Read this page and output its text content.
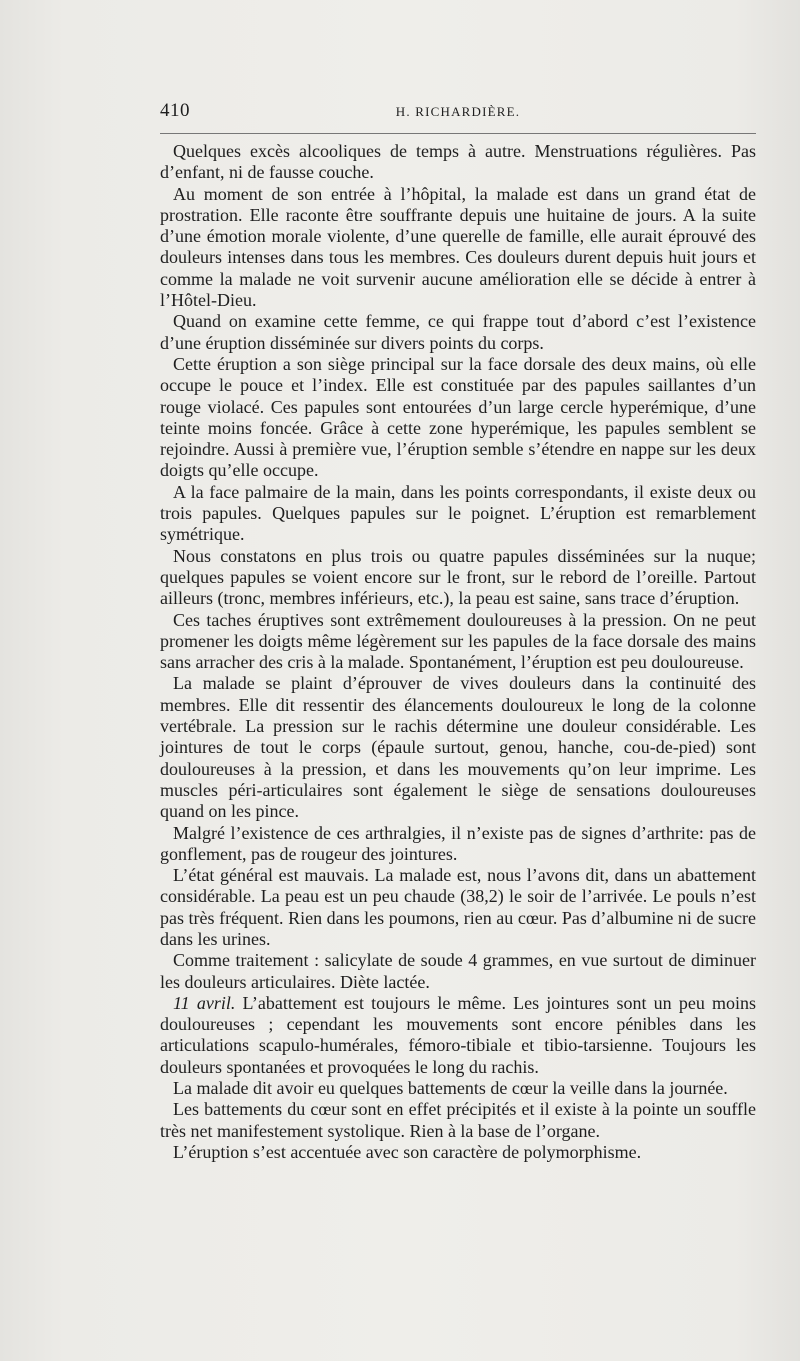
410	H. RICHARDIÈRE.

Quelques excès alcooliques de temps à autre. Menstruations régulières. Pas d’enfant, ni de fausse couche.

Au moment de son entrée à l’hôpital, la malade est dans un grand état de prostration. Elle raconte être souffrante depuis une huitaine de jours. A la suite d’une émotion morale violente, d’une querelle de famille, elle aurait éprouvé des douleurs intenses dans tous les membres. Ces douleurs durent depuis huit jours et comme la malade ne voit survenir aucune amélioration elle se décide à entrer à l’Hôtel-Dieu.

Quand on examine cette femme, ce qui frappe tout d’abord c’est l’existence d’une éruption disséminée sur divers points du corps.

Cette éruption a son siège principal sur la face dorsale des deux mains, où elle occupe le pouce et l’index. Elle est constituée par des papules saillantes d’un rouge violacé. Ces papules sont entourées d’un large cercle hyperémique, d’une teinte moins foncée. Grâce à cette zone hyperémique, les papules semblent se rejoindre. Aussi à première vue, l’éruption semble s’étendre en nappe sur les deux doigts qu’elle occupe.

A la face palmaire de la main, dans les points correspondants, il existe deux ou trois papules. Quelques papules sur le poignet. L’éruption est remarblement symétrique.

Nous constatons en plus trois ou quatre papules disséminées sur la nuque; quelques papules se voient encore sur le front, sur le rebord de l’oreille. Partout ailleurs (tronc, membres inférieurs, etc.), la peau est saine, sans trace d’éruption.

Ces taches éruptives sont extrêmement douloureuses à la pression. On ne peut promener les doigts même légèrement sur les papules de la face dorsale des mains sans arracher des cris à la malade. Spontanément, l’éruption est peu douloureuse.

La malade se plaint d’éprouver de vives douleurs dans la continuité des membres. Elle dit ressentir des élancements douloureux le long de la colonne vertébrale. La pression sur le rachis détermine une douleur considérable. Les jointures de tout le corps (épaule surtout, genou, hanche, cou-de-pied) sont douloureuses à la pression, et dans les mouvements qu’on leur imprime. Les muscles péri-articulaires sont également le siège de sensations douloureuses quand on les pince.

Malgré l’existence de ces arthralgies, il n’existe pas de signes d’arthrite: pas de gonflement, pas de rougeur des jointures.

L’état général est mauvais. La malade est, nous l’avons dit, dans un abattement considérable. La peau est un peu chaude (38,2) le soir de l’arrivée. Le pouls n’est pas très fréquent. Rien dans les poumons, rien au cœur. Pas d’albumine ni de sucre dans les urines.

Comme traitement : salicylate de soude 4 grammes, en vue surtout de diminuer les douleurs articulaires. Diète lactée.

11 avril. L’abattement est toujours le même. Les jointures sont un peu moins douloureuses ; cependant les mouvements sont encore pénibles dans les articulations scapulo-humérales, fémoro-tibiale et tibio-tarsienne. Toujours les douleurs spontanées et provoquées le long du rachis.

La malade dit avoir eu quelques battements de cœur la veille dans la journée.

Les battements du cœur sont en effet précipités et il existe à la pointe un souffle très net manifestement systolique. Rien à la base de l’organe.

L’éruption s’est accentuée avec son caractère de polymorphisme.
